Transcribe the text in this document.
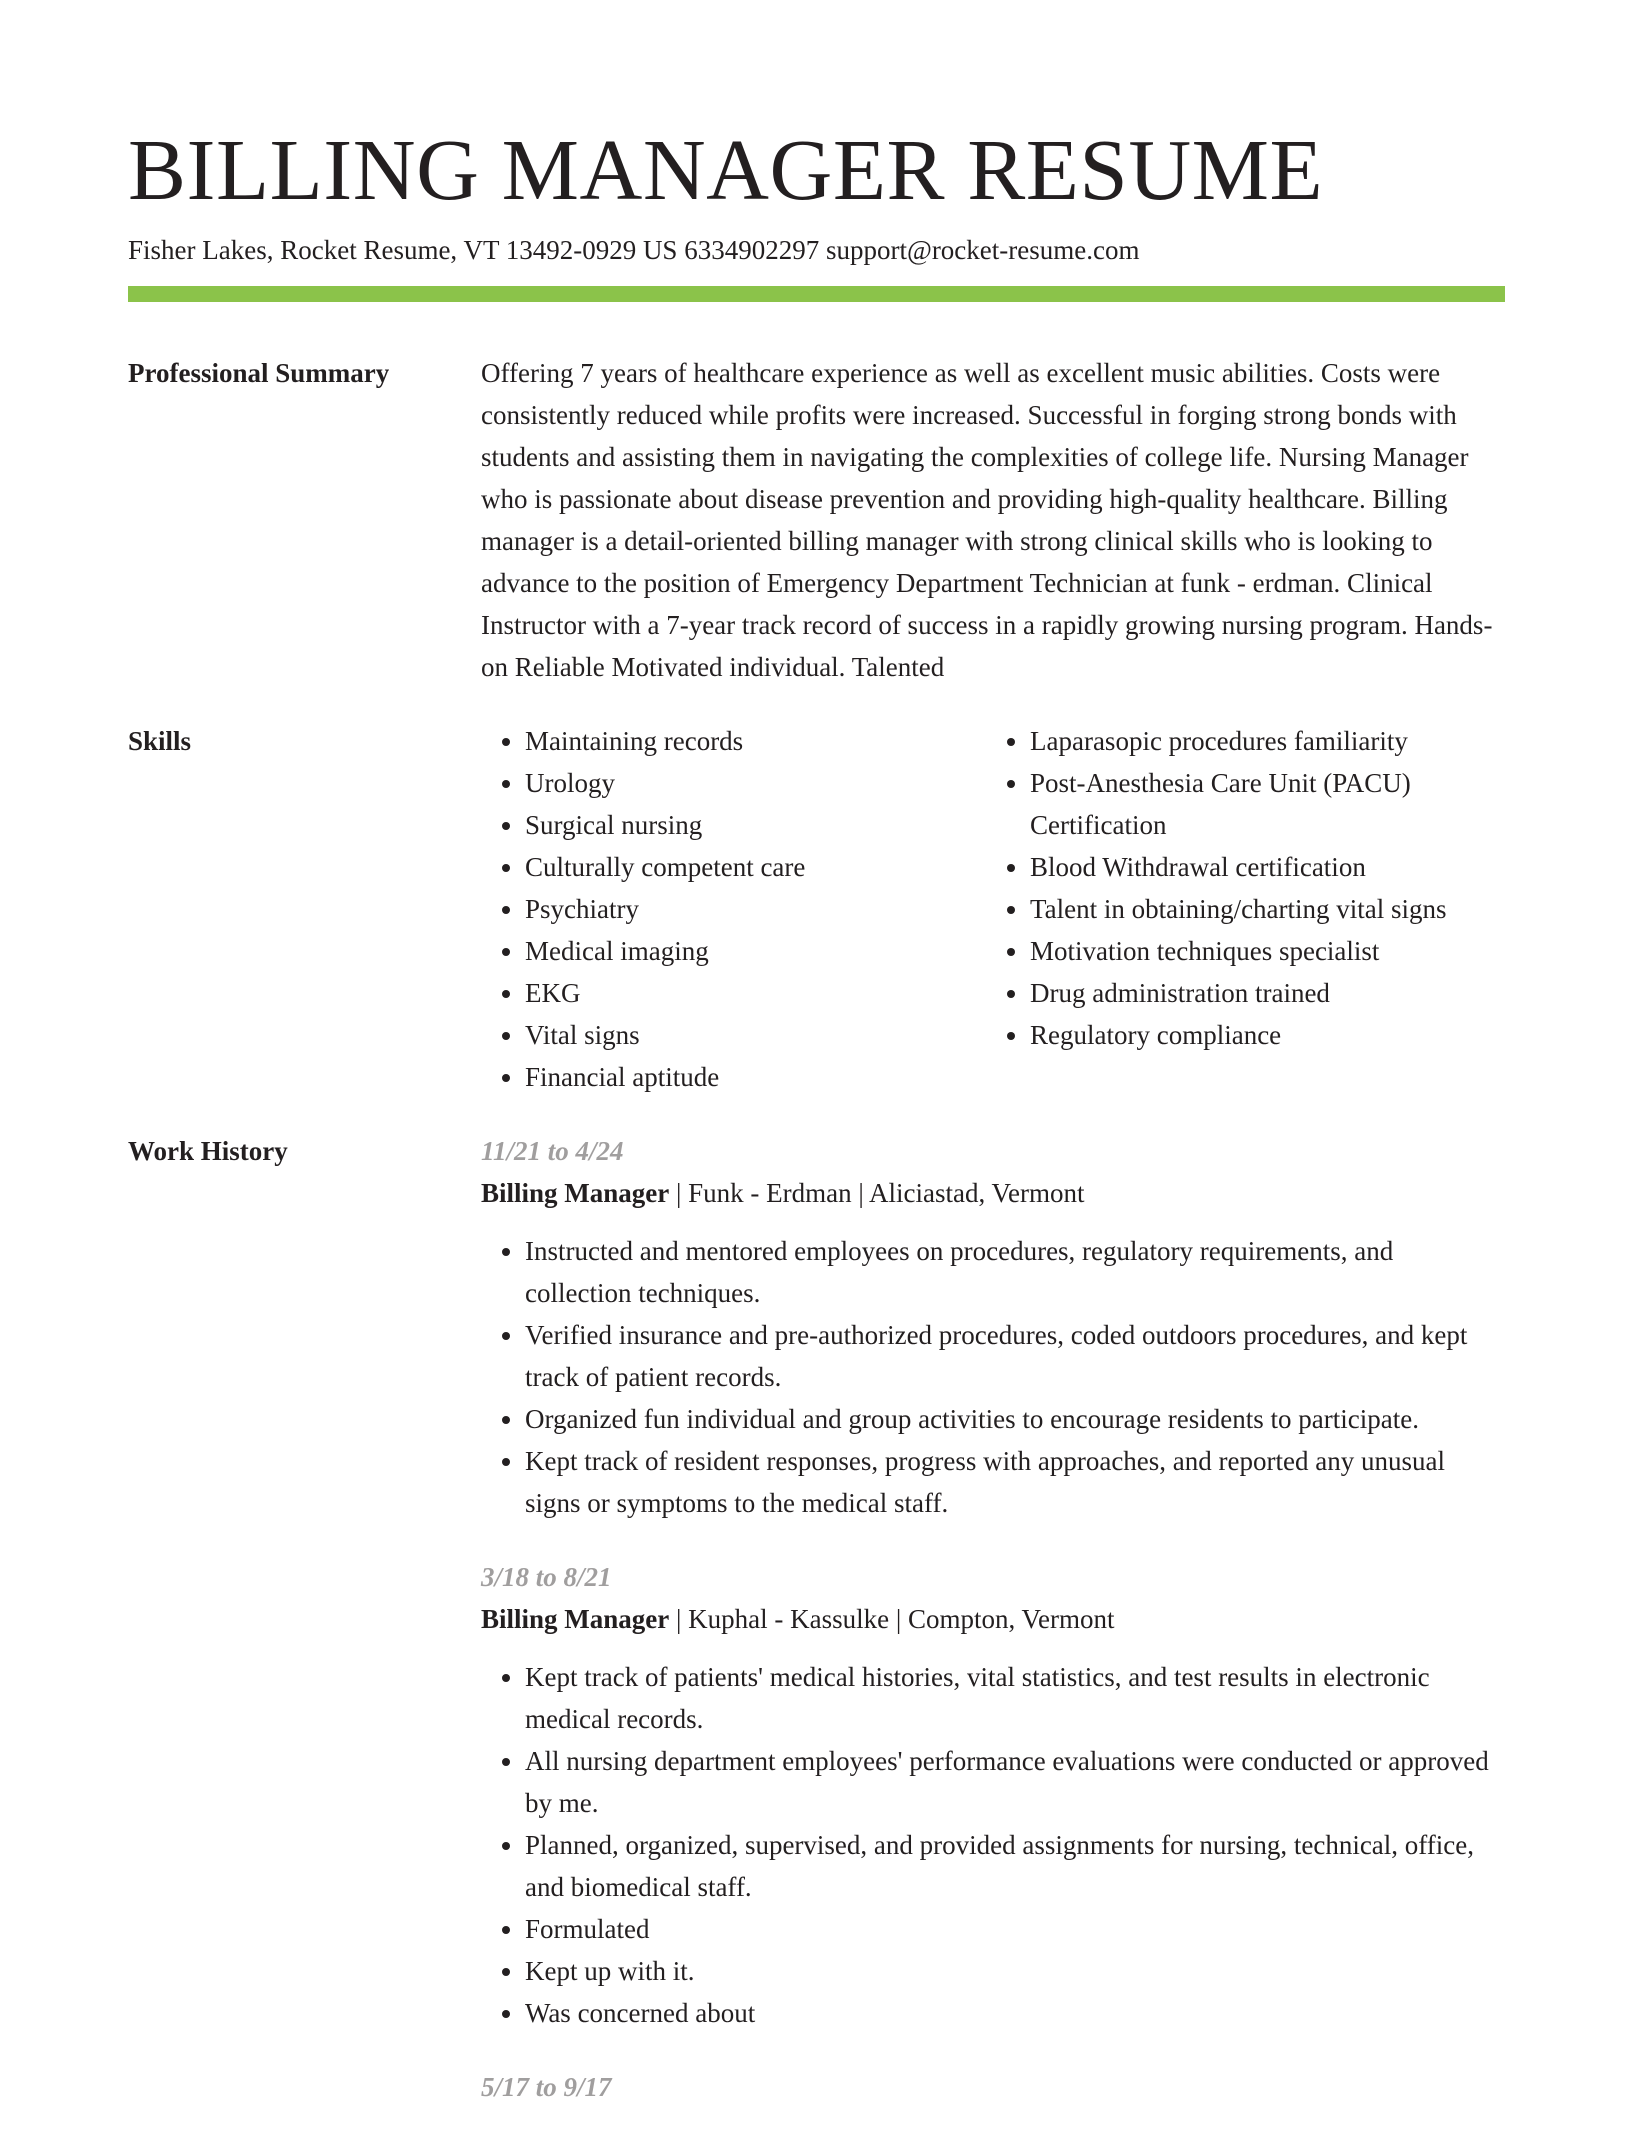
BILLING MANAGER RESUME
Fisher Lakes, Rocket Resume, VT 13492-0929 US 6334902297 support@rocket-resume.com
Professional Summary	Offering 7 years of healthcare experience as well as excellent music abilities. Costs were consistently reduced while profits were increased. Successful in forging strong bonds with students and assisting them in navigating the complexities of college life. Nursing Manager who is passionate about disease prevention and providing high-quality healthcare. Billing manager is a detail-oriented billing manager with strong clinical skills who is looking to advance to the position of Emergency Department Technician at funk - erdman. Clinical Instructor with a 7-year track record of success in a rapidly growing nursing program. Hands-on Reliable Motivated individual. Talented
Skills
•	Maintaining records
• Urology
• Surgical nursing
• Culturally competent care
• Psychiatry
• Medical imaging
• EKG
• Vital signs
• Financial aptitude
• Laparasopic procedures familiarity
• Post-Anesthesia Care Unit (PACU) Certification
• Blood Withdrawal certification
• Talent in obtaining/charting vital signs
• Motivation techniques specialist
• Drug administration trained
• Regulatory compliance
Work History	11/21 to 4/24
Billing Manager | Funk - Erdman | Aliciastad, Vermont
• Instructed and mentored employees on procedures, regulatory requirements, and collection techniques.
• Verified insurance and pre-authorized procedures, coded outdoors procedures, and kept track of patient records.
• Organized fun individual and group activities to encourage residents to participate.
• Kept track of resident responses, progress with approaches, and reported any unusual signs or symptoms to the medical staff.
3/18 to 8/21
Billing Manager | Kuphal - Kassulke | Compton, Vermont
• Kept track of patients' medical histories, vital statistics, and test results in electronic medical records.
• All nursing department employees' performance evaluations were conducted or approved by me.
• Planned, organized, supervised, and provided assignments for nursing, technical, office, and biomedical staff.
• Formulated
• Kept up with it.
• Was concerned about
5/17 to 9/17
